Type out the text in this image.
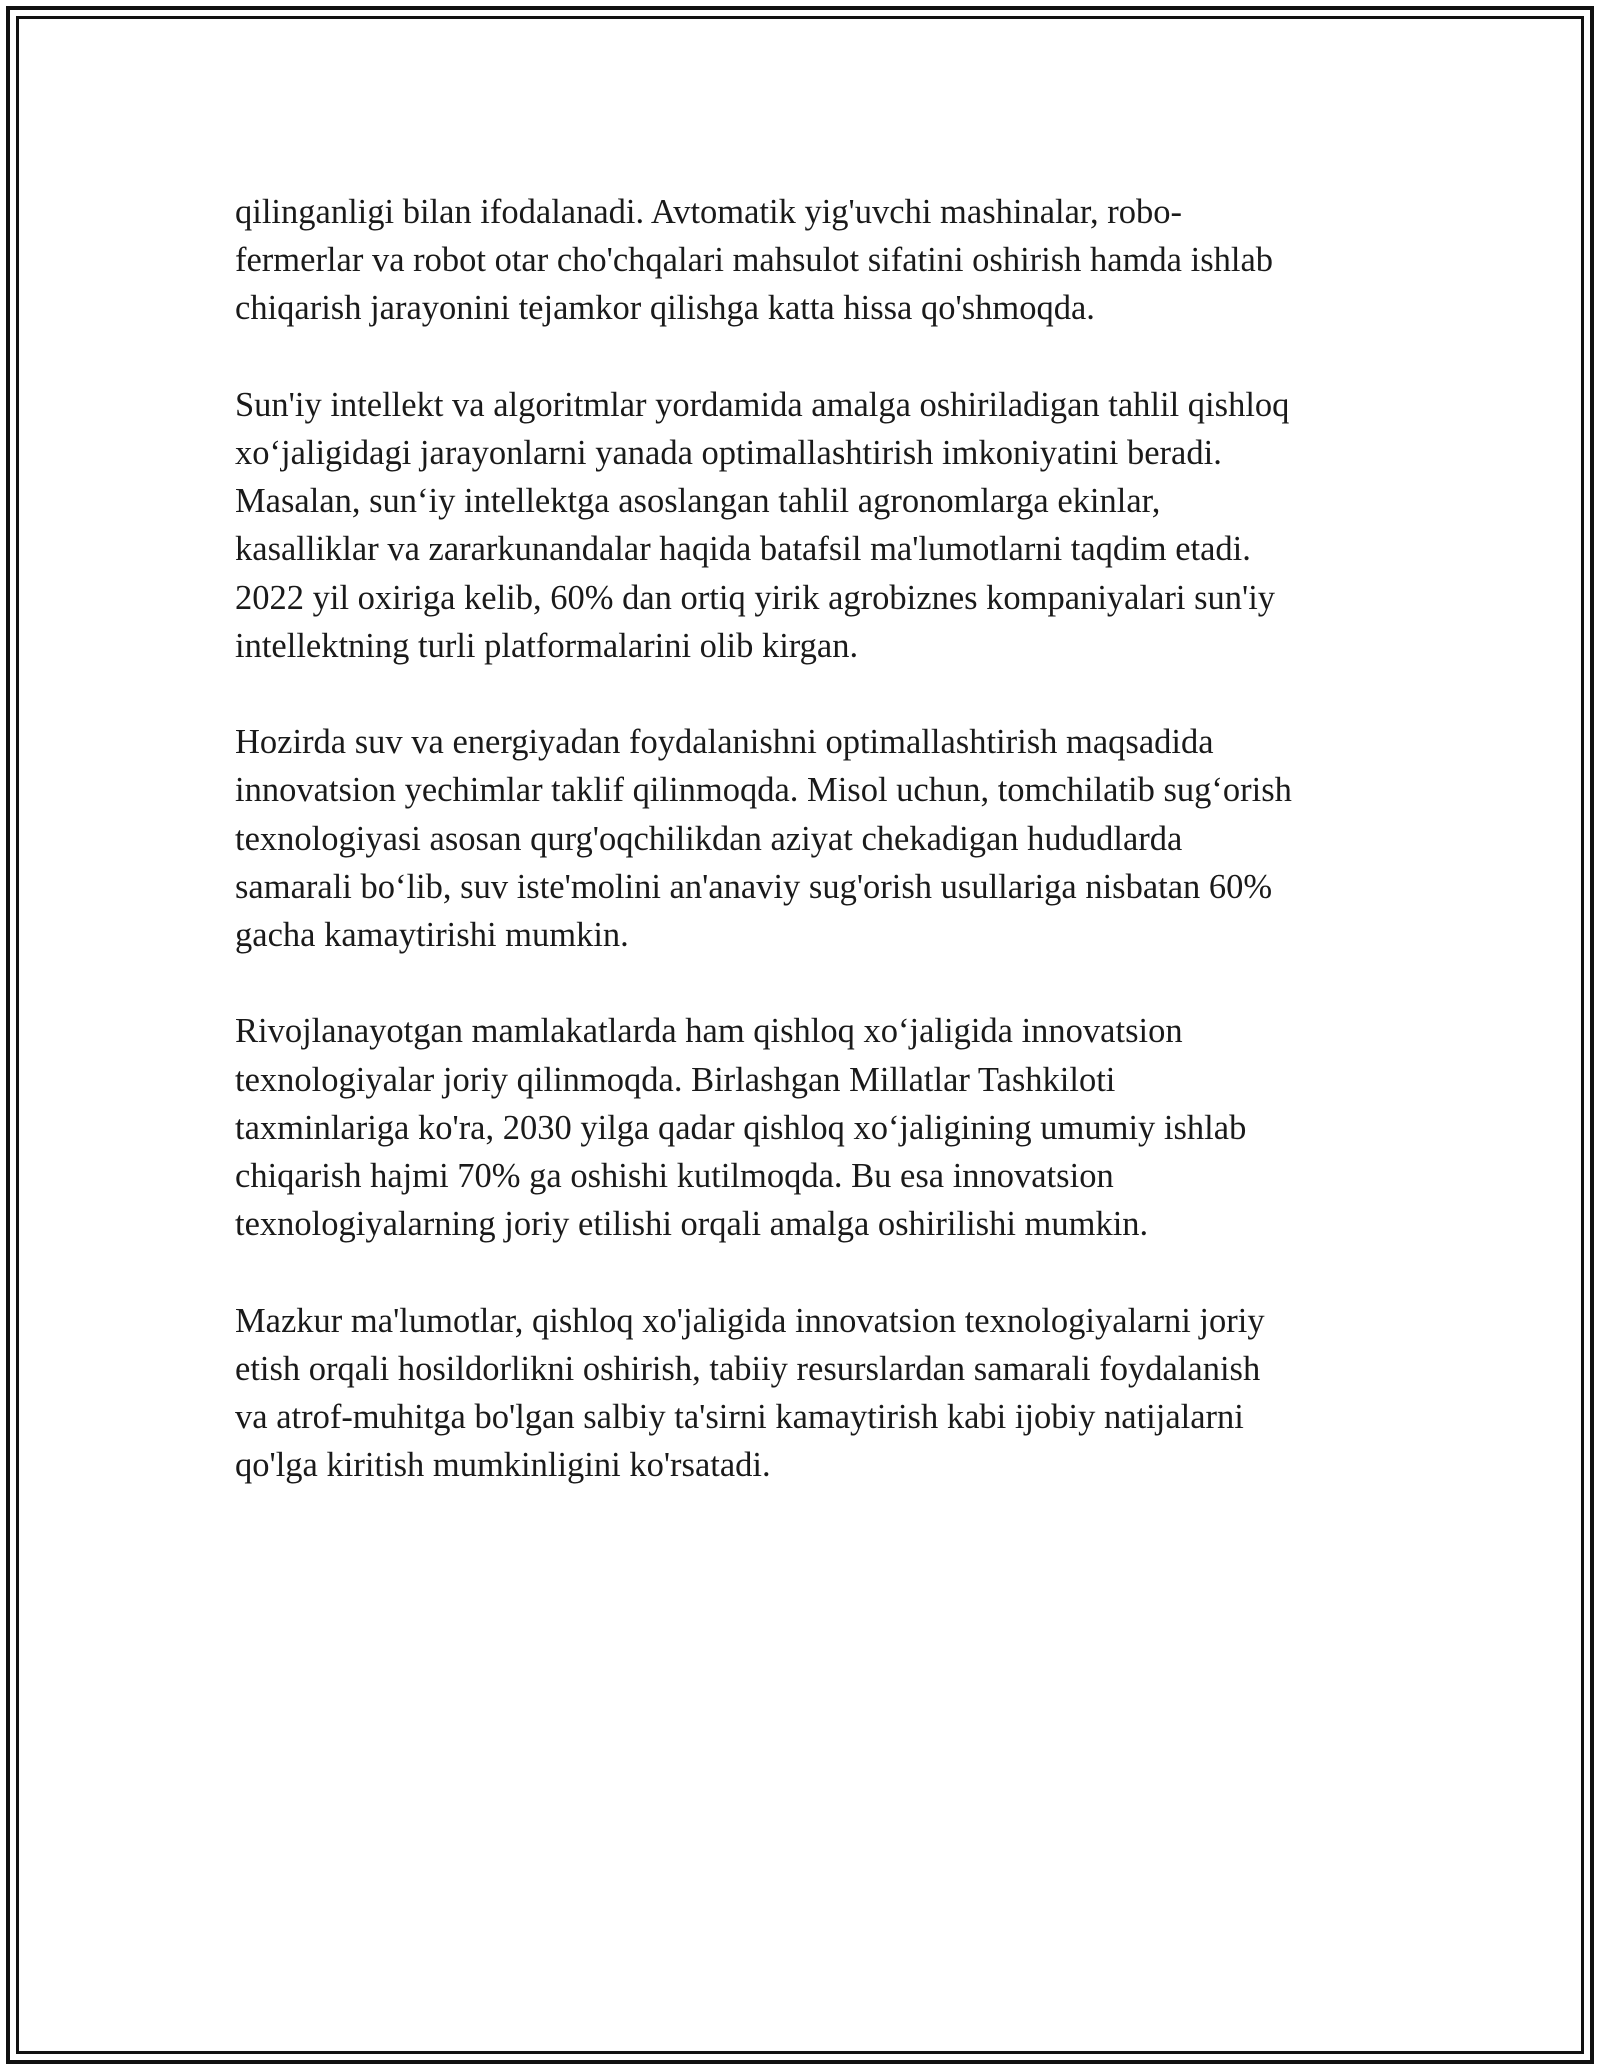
qilinganligi bilan ifodalanadi. Avtomatik yig'uvchi mashinalar, robo-
fermerlar va robot otar cho'chqalari mahsulot sifatini oshirish hamda ishlab
chiqarish jarayonini tejamkor qilishga katta hissa qo'shmoqda.

Sun'iy intellekt va algoritmlar yordamida amalga oshiriladigan tahlil qishloq
xo‘jaligidagi jarayonlarni yanada optimallashtirish imkoniyatini beradi.
Masalan, sun‘iy intellektga asoslangan tahlil agronomlarga ekinlar,
kasalliklar va zararkunandalar haqida batafsil ma'lumotlarni taqdim etadi.
2022 yil oxiriga kelib, 60% dan ortiq yirik agrobiznes kompaniyalari sun'iy
intellektning turli platformalarini olib kirgan.

Hozirda suv va energiyadan foydalanishni optimallashtirish maqsadida
innovatsion yechimlar taklif qilinmoqda. Misol uchun, tomchilatib sug‘orish
texnologiyasi asosan qurg'oqchilikdan aziyat chekadigan hududlarda
samarali bo‘lib, suv iste'molini an'anaviy sug'orish usullariga nisbatan 60%
gacha kamaytirishi mumkin.

Rivojlanayotgan mamlakatlarda ham qishloq xo‘jaligida innovatsion
texnologiyalar joriy qilinmoqda. Birlashgan Millatlar Tashkiloti
taxminlariga ko'ra, 2030 yilga qadar qishloq xo‘jaligining umumiy ishlab
chiqarish hajmi 70% ga oshishi kutilmoqda. Bu esa innovatsion
texnologiyalarning joriy etilishi orqali amalga oshirilishi mumkin.

Mazkur ma'lumotlar, qishloq xo'jaligida innovatsion texnologiyalarni joriy
etish orqali hosildorlikni oshirish, tabiiy resurslardan samarali foydalanish
va atrof-muhitga bo'lgan salbiy ta'sirni kamaytirish kabi ijobiy natijalarni
qo'lga kiritish mumkinligini ko'rsatadi.
